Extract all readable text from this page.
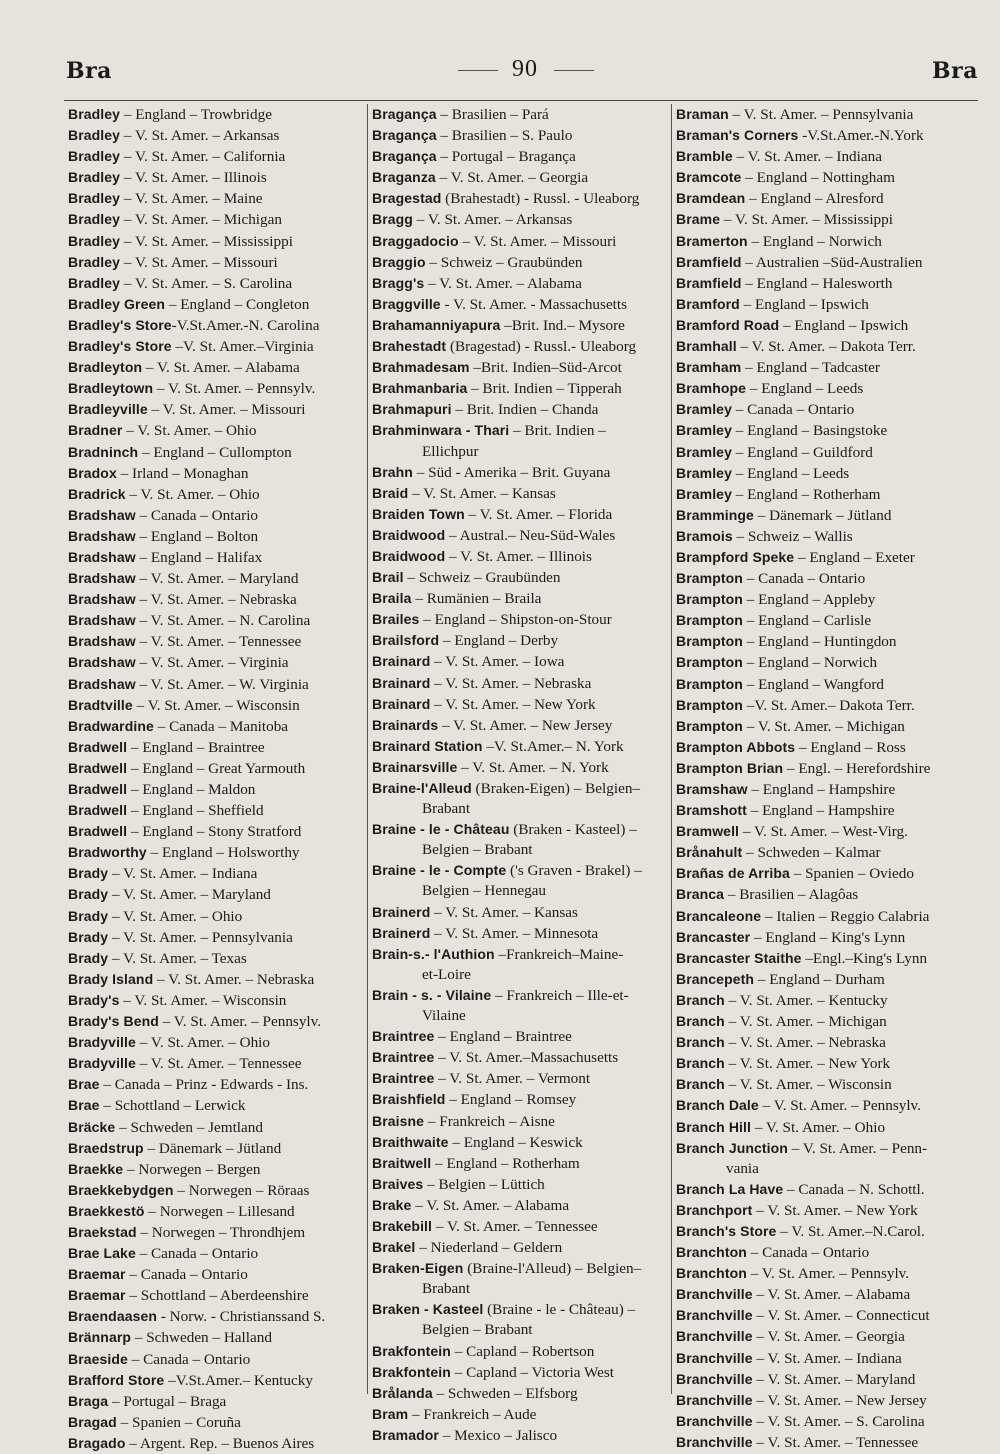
Bra	90	Bra
Bradley – England – Trowbridge
Bradley – V. St. Amer. – Arkansas
Bradley – V. St. Amer. – California
Bradley – V. St. Amer. – Illinois
Bradley – V. St. Amer. – Maine
Bradley – V. St. Amer. – Michigan
Bradley – V. St. Amer. – Mississippi
Bradley – V. St. Amer. – Missouri
Bradley – V. St. Amer. – S. Carolina
Bradley Green – England – Congleton
Bradley's Store-V.St.Amer.-N. Carolina
Bradley's Store –V. St. Amer.–Virginia
Bradleyton – V. St. Amer. – Alabama
Bradleytown – V. St. Amer. – Pennsylv.
Bradleyville – V. St. Amer. – Missouri
Bradner – V. St. Amer. – Ohio
Bradninch – England – Cullompton
Bradox – Irland – Monaghan
Bradrick – V. St. Amer. – Ohio
Bradshaw – Canada – Ontario
Bradshaw – England – Bolton
Bradshaw – England – Halifax
Bradshaw – V. St. Amer. – Maryland
Bradshaw – V. St. Amer. – Nebraska
Bradshaw – V. St. Amer. – N. Carolina
Bradshaw – V. St. Amer. – Tennessee
Bradshaw – V. St. Amer. – Virginia
Bradshaw – V. St. Amer. – W. Virginia
Bradtville – V. St. Amer. – Wisconsin
Bradwardine – Canada – Manitoba
Bradwell – England – Braintree
Bradwell – England – Great Yarmouth
Bradwell – England – Maldon
Bradwell – England – Sheffield
Bradwell – England – Stony Stratford
Bradworthy – England – Holsworthy
Brady – V. St. Amer. – Indiana
Brady – V. St. Amer. – Maryland
Brady – V. St. Amer. – Ohio
Brady – V. St. Amer. – Pennsylvania
Brady – V. St. Amer. – Texas
Brady Island – V. St. Amer. – Nebraska
Brady's – V. St. Amer. – Wisconsin
Brady's Bend – V. St. Amer. – Pennsylv.
Bradyville – V. St. Amer. – Ohio
Bradyville – V. St. Amer. – Tennessee
Brae – Canada – Prinz - Edwards - Ins.
Brae – Schottland – Lerwick
Bräcke – Schweden – Jemtland
Braedstrup – Dänemark – Jütland
Braekke – Norwegen – Bergen
Braekkebydgen – Norwegen – Röraas
Braekkestö – Norwegen – Lillesand
Braekstad – Norwegen – Throndhjem
Brae Lake – Canada – Ontario
Braemar – Canada – Ontario
Braemar – Schottland – Aberdeenshire
Braendaasen - Norw. - Christianssand S.
Brännarp – Schweden – Halland
Braeside – Canada – Ontario
Brafford Store –V.St.Amer.– Kentucky
Braga – Portugal – Braga
Bragad – Spanien – Coruña
Bragado – Argent. Rep. – Buenos Aires
Bragança – Brasilien – Pará
Bragança – Brasilien – S. Paulo
Bragança – Portugal – Bragança
Braganza – V. St. Amer. – Georgia
Bragestad (Brahestadt) - Russl. - Uleaborg
Bragg – V. St. Amer. – Arkansas
Braggadocio – V. St. Amer. – Missouri
Braggio – Schweiz – Graubünden
Bragg's – V. St. Amer. – Alabama
Braggville - V. St. Amer. - Massachusetts
Brahamanniyapura –Brit. Ind.– Mysore
Brahestadt (Bragestad) - Russl.- Uleaborg
Brahmadesam –Brit. Indien–Süd-Arcot
Brahmanbaria – Brit. Indien – Tipperah
Brahmapuri – Brit. Indien – Chanda
Brahminwara - Thari – Brit. Indien –
Ellichpur
Brahn – Süd - Amerika – Brit. Guyana
Braid – V. St. Amer. – Kansas
Braiden Town – V. St. Amer. – Florida
Braidwood – Austral.– Neu-Süd-Wales
Braidwood – V. St. Amer. – Illinois
Brail – Schweiz – Graubünden
Braila – Rumänien – Braila
Brailes – England – Shipston-on-Stour
Brailsford – England – Derby
Brainard – V. St. Amer. – Iowa
Brainard – V. St. Amer. – Nebraska
Brainard – V. St. Amer. – New York
Brainards – V. St. Amer. – New Jersey
Brainard Station –V. St.Amer.– N. York
Brainarsville – V. St. Amer. – N. York
Braine-l'Alleud (Braken-Eigen) – Belgien–
Brabant
Braine - le - Château (Braken - Kasteel) –
Belgien – Brabant
Braine - le - Compte ('s Graven - Brakel) –
Belgien – Hennegau
Brainerd – V. St. Amer. – Kansas
Brainerd – V. St. Amer. – Minnesota
Brain-s.- l'Authion –Frankreich–Maine-
et-Loire
Brain - s. - Vilaine – Frankreich – Ille-et-
Vilaine
Braintree – England – Braintree
Braintree – V. St. Amer.–Massachusetts
Braintree – V. St. Amer. – Vermont
Braishfield – England – Romsey
Braisne – Frankreich – Aisne
Braithwaite – England – Keswick
Braitwell – England – Rotherham
Braives – Belgien – Lüttich
Brake – V. St. Amer. – Alabama
Brakebill – V. St. Amer. – Tennessee
Brakel – Niederland – Geldern
Braken-Eigen (Braine-l'Alleud) – Belgien–
Brabant
Braken - Kasteel (Braine - le - Château) –
Belgien – Brabant
Brakfontein – Capland – Robertson
Brakfontein – Capland – Victoria West
Brålanda – Schweden – Elfsborg
Bram – Frankreich – Aude
Bramador – Mexico – Jalisco
Braman – V. St. Amer. – Pennsylvania
Braman's Corners -V.St.Amer.-N.York
Bramble – V. St. Amer. – Indiana
Bramcote – England – Nottingham
Bramdean – England – Alresford
Brame – V. St. Amer. – Mississippi
Bramerton – England – Norwich
Bramfield – Australien –Süd-Australien
Bramfield – England – Halesworth
Bramford – England – Ipswich
Bramford Road – England – Ipswich
Bramhall – V. St. Amer. – Dakota Terr.
Bramham – England – Tadcaster
Bramhope – England – Leeds
Bramley – Canada – Ontario
Bramley – England – Basingstoke
Bramley – England – Guildford
Bramley – England – Leeds
Bramley – England – Rotherham
Bramminge – Dänemark – Jütland
Bramois – Schweiz – Wallis
Brampford Speke – England – Exeter
Brampton – Canada – Ontario
Brampton – England – Appleby
Brampton – England – Carlisle
Brampton – England – Huntingdon
Brampton – England – Norwich
Brampton – England – Wangford
Brampton –V. St. Amer.– Dakota Terr.
Brampton – V. St. Amer. – Michigan
Brampton Abbots – England – Ross
Brampton Brian – Engl. – Herefordshire
Bramshaw – England – Hampshire
Bramshott – England – Hampshire
Bramwell – V. St. Amer. – West-Virg.
Brånahult – Schweden – Kalmar
Brañas de Arriba – Spanien – Oviedo
Branca – Brasilien – Alagôas
Brancaleone – Italien – Reggio Calabria
Brancaster – England – King's Lynn
Brancaster Staithe –Engl.–King's Lynn
Brancepeth – England – Durham
Branch – V. St. Amer. – Kentucky
Branch – V. St. Amer. – Michigan
Branch – V. St. Amer. – Nebraska
Branch – V. St. Amer. – New York
Branch – V. St. Amer. – Wisconsin
Branch Dale – V. St. Amer. – Pennsylv.
Branch Hill – V. St. Amer. – Ohio
Branch Junction – V. St. Amer. – Penn-
vania
Branch La Have – Canada – N. Schottl.
Branchport – V. St. Amer. – New York
Branch's Store – V. St. Amer.–N.Carol.
Branchton – Canada – Ontario
Branchton – V. St. Amer. – Pennsylv.
Branchville – V. St. Amer. – Alabama
Branchville – V. St. Amer. – Connecticut
Branchville – V. St. Amer. – Georgia
Branchville – V. St. Amer. – Indiana
Branchville – V. St. Amer. – Maryland
Branchville – V. St. Amer. – New Jersey
Branchville – V. St. Amer. – S. Carolina
Branchville – V. St. Amer. – Tennessee
